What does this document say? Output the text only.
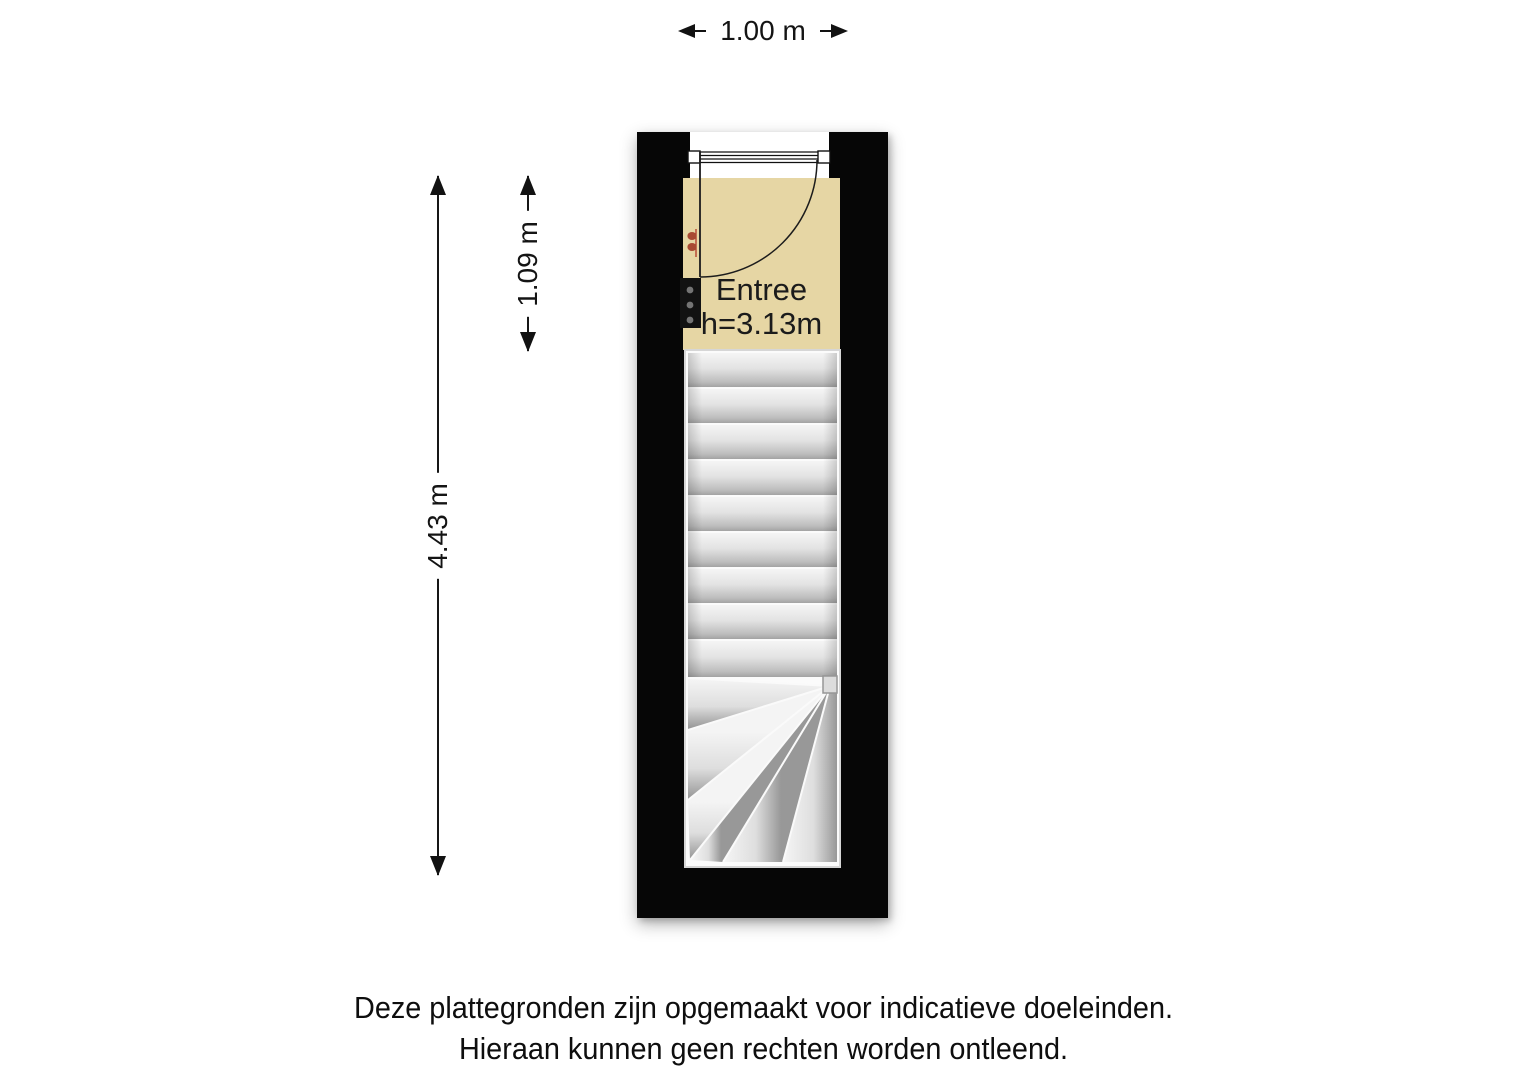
1.00 m
1.09 m
4.43 m
Entree
h=3.13m
Deze plattegronden zijn opgemaakt voor indicatieve doeleinden.
Hieraan kunnen geen rechten worden ontleend.
